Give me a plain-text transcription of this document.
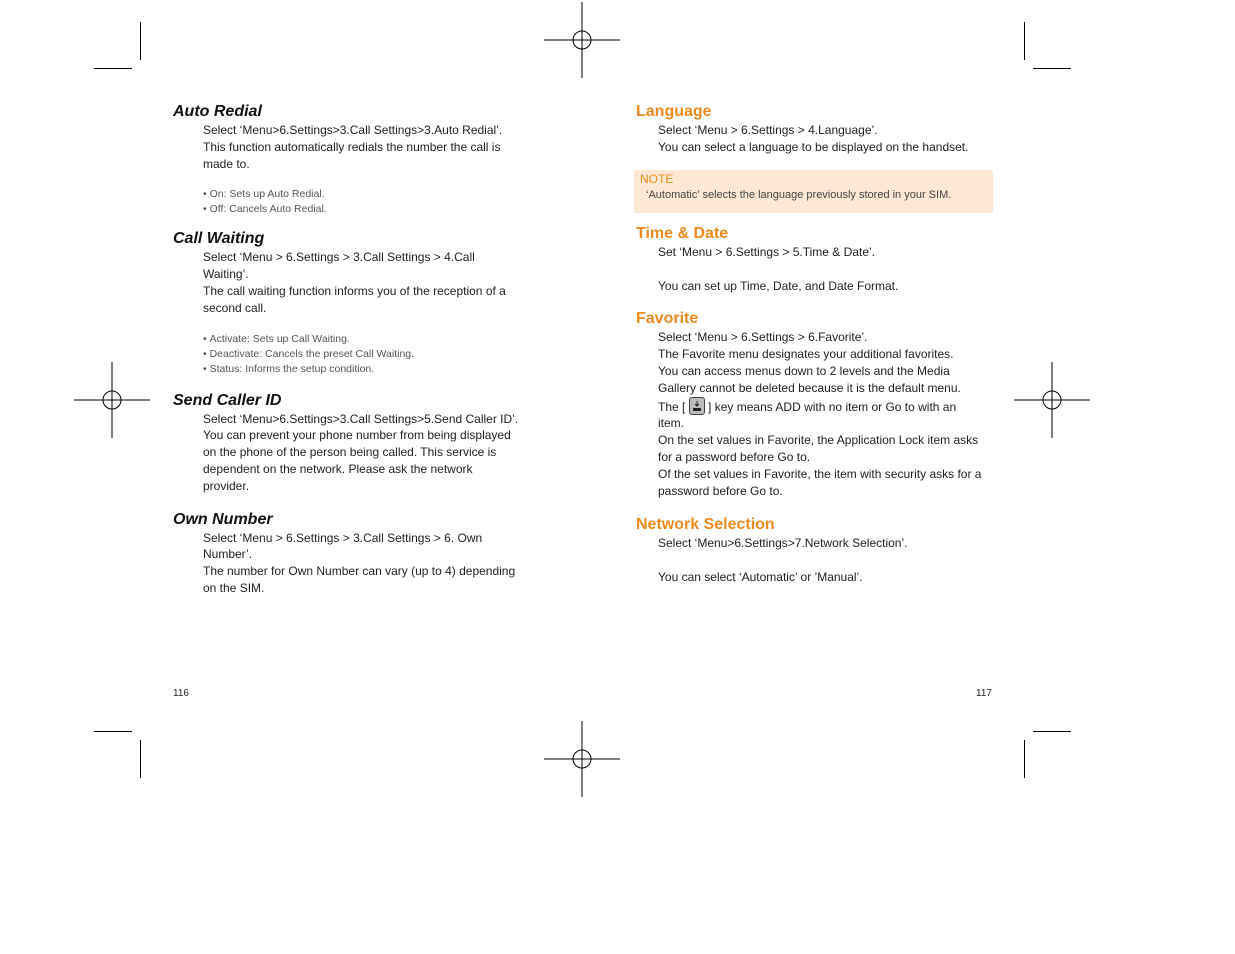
Auto Redial
Select ‘Menu>6.Settings>3.Call Settings>3.Auto Redial’.
This function automatically redials the number the call is
made to.
• On: Sets up Auto Redial.
• Off: Cancels Auto Redial.
Call Waiting
Select ‘Menu > 6.Settings > 3.Call Settings > 4.Call
Waiting’.
The call waiting function informs you of the reception of a
second call.
• Activate: Sets up Call Waiting.
• Deactivate: Cancels the preset Call Waiting.
• Status: Informs the setup condition.
Send Caller ID
Select ‘Menu>6.Settings>3.Call Settings>5.Send Caller ID’.
You can prevent your phone number from being displayed
on the phone of the person being called. This service is
dependent on the network. Please ask the network
provider.
Own Number
Select ‘Menu > 6.Settings > 3.Call Settings > 6. Own
Number’.
The number for Own Number can vary (up to 4) depending
on the SIM.
116
Language
Select ‘Menu > 6.Settings > 4.Language’.
You can select a language to be displayed on the handset.
NOTE
‘Automatic’ selects the language previously stored in your SIM.
Time & Date
Set ‘Menu > 6.Settings > 5.Time & Date’.
You can set up Time, Date, and Date Format.
Favorite
Select ‘Menu > 6.Settings > 6.Favorite’.
The Favorite menu designates your additional favorites.
You can access menus down to 2 levels and the Media
Gallery cannot be deleted because it is the default menu.
The [ ] key means ADD with no item or Go to with an
item.
On the set values in Favorite, the Application Lock item asks
for a password before Go to.
Of the set values in Favorite, the item with security asks for a
password before Go to.
Network Selection
Select ‘Menu>6.Settings>7.Network Selection’.
You can select ‘Automatic’ or ’Manual’.
117
